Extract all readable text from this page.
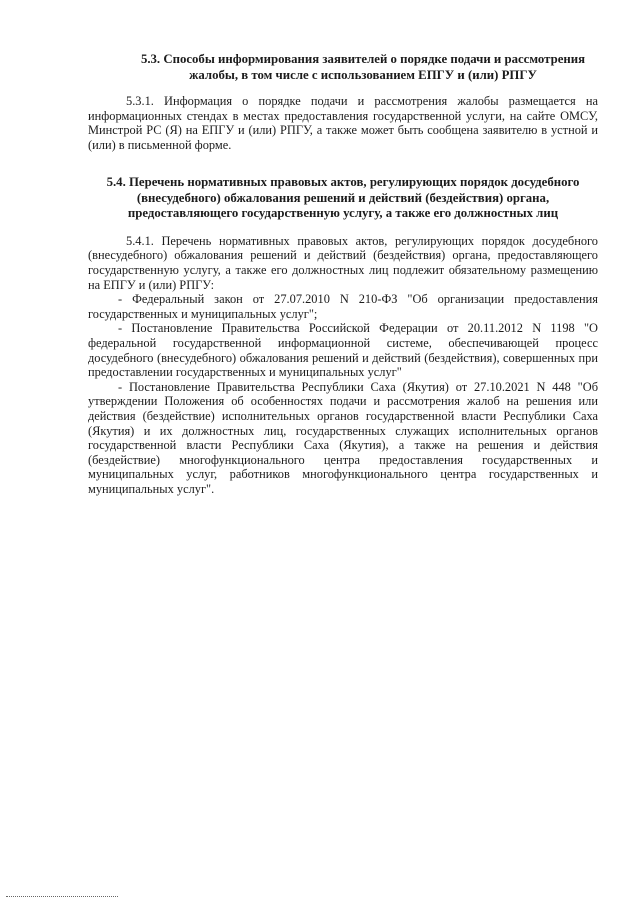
5.3. Способы информирования заявителей о порядке подачи и рассмотрения жалобы, в том числе с использованием ЕПГУ и (или) РПГУ

5.3.1. Информация о порядке подачи и рассмотрения жалобы размещается на информационных стендах в местах предоставления государственной услуги, на сайте ОМСУ, Минстрой РС (Я) на ЕПГУ и (или) РПГУ, а также может быть сообщена заявителю в устной и (или) в письменной форме.

5.4. Перечень нормативных правовых актов, регулирующих порядок досудебного (внесудебного) обжалования решений и действий (бездействия) органа, предоставляющего государственную услугу, а также его должностных лиц

5.4.1. Перечень нормативных правовых актов, регулирующих порядок досудебного (внесудебного) обжалования решений и действий (бездействия) органа, предоставляющего государственную услугу, а также его должностных лиц подлежит обязательному размещению на ЕПГУ и (или) РПГУ:

- Федеральный закон от 27.07.2010 N 210-ФЗ "Об организации предоставления государственных и муниципальных услуг";

- Постановление Правительства Российской Федерации от 20.11.2012 N 1198 "О федеральной государственной информационной системе, обеспечивающей процесс досудебного (внесудебного) обжалования решений и действий (бездействия), совершенных при предоставлении государственных и муниципальных услуг"

- Постановление Правительства Республики Саха (Якутия) от 27.10.2021 N 448 "Об утверждении Положения об особенностях подачи и рассмотрения жалоб на решения или действия (бездействие) исполнительных органов государственной власти Республики Саха (Якутия) и их должностных лиц, государственных служащих исполнительных органов государственной власти Республики Саха (Якутия), а также на решения и действия (бездействие) многофункционального центра предоставления государственных и муниципальных услуг, работников многофункционального центра государственных и муниципальных услуг".
